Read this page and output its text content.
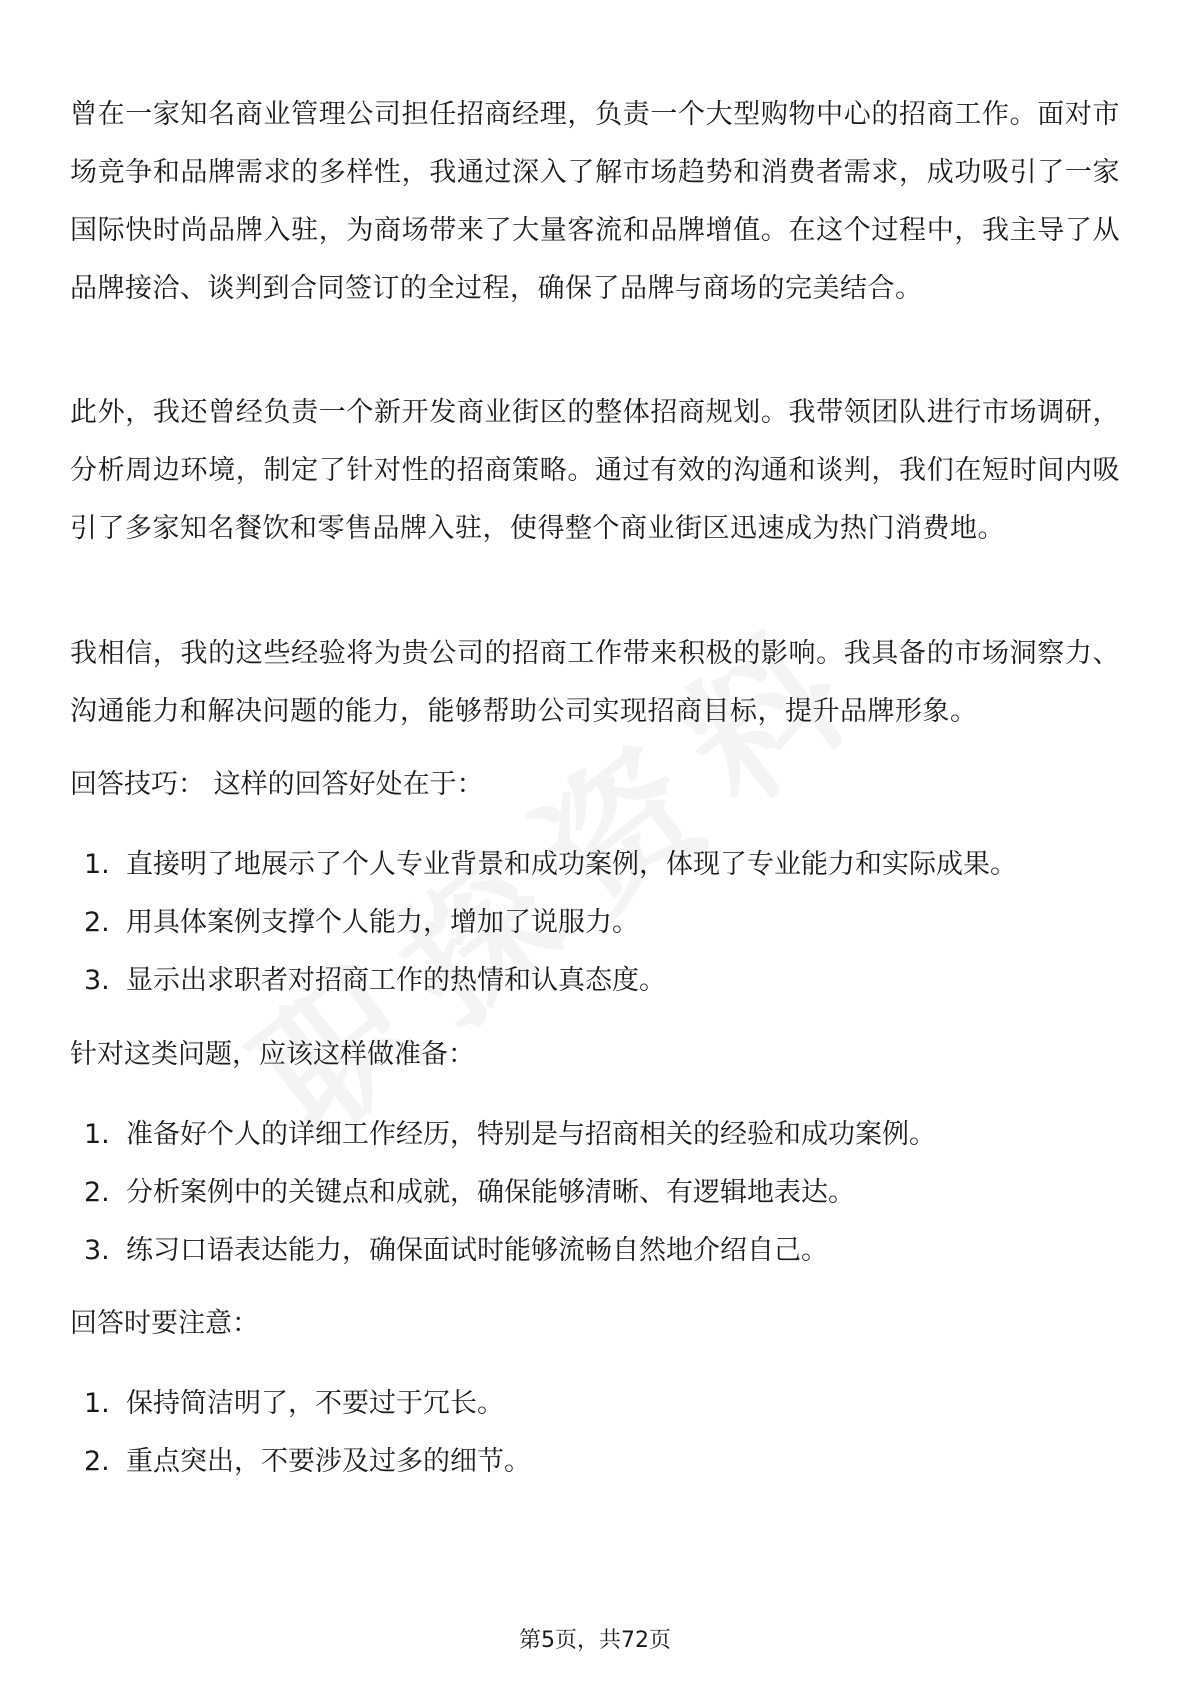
曾在一家知名商业管理公司担任招商经理，负责一个大型购物中心的招商工作。面对市场竞争和品牌需求的多样性，我通过深入了解市场趋势和消费者需求，成功吸引了一家国际快时尚品牌入驻，为商场带来了大量客流和品牌增值。在这个过程中，我主导了从品牌接洽、谈判到合同签订的全过程，确保了品牌与商场的完美结合。

此外，我还曾经负责一个新开发商业街区的整体招商规划。我带领团队进行市场调研，分析周边环境，制定了针对性的招商策略。通过有效的沟通和谈判，我们在短时间内吸引了多家知名餐饮和零售品牌入驻，使得整个商业街区迅速成为热门消费地。

我相信，我的这些经验将为贵公司的招商工作带来积极的影响。我具备的市场洞察力、沟通能力和解决问题的能力，能够帮助公司实现招商目标，提升品牌形象。

回答技巧： 这样的回答好处在于：

1. 直接明了地展示了个人专业背景和成功案例，体现了专业能力和实际成果。
2. 用具体案例支撑个人能力，增加了说服力。
3. 显示出求职者对招商工作的热情和认真态度。

针对这类问题，应该这样做准备：

1. 准备好个人的详细工作经历，特别是与招商相关的经验和成功案例。
2. 分析案例中的关键点和成就，确保能够清晰、有逻辑地表达。
3. 练习口语表达能力，确保面试时能够流畅自然地介绍自己。

回答时要注意：

1. 保持简洁明了，不要过于冗长。
2. 重点突出，不要涉及过多的细节。
第5页，共72页
